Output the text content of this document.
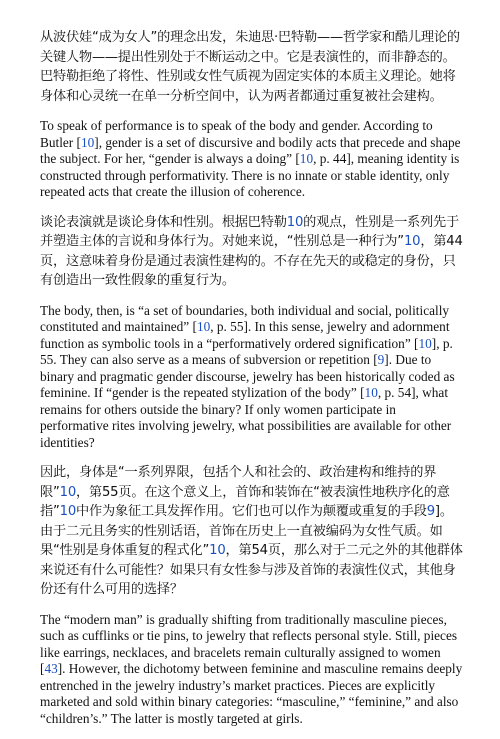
从波伏娃“成为女人”的理念出发，朱迪思·巴特勒——哲学家和酷儿理论的关键人物——提出性别处于不断运动之中。它是表演性的，而非静态的。巴特勒拒绝了将性、性别或女性气质视为固定实体的本质主义理论。她将身体和心灵统一在单一分析空间中，认为两者都通过重复被社会建构。

To speak of performance is to speak of the body and gender. According to Butler [10], gender is a set of discursive and bodily acts that precede and shape the subject. For her, “gender is always a doing” [10, p. 44], meaning identity is constructed through performativity. There is no innate or stable identity, only repeated acts that create the illusion of coherence.

谈论表演就是谈论身体和性别。根据巴特勒10的观点，性别是一系列先于并塑造主体的言说和身体行为。对她来说，“性别总是一种行为”10，第44页，这意味着身份是通过表演性建构的。不存在先天的或稳定的身份，只有创造出一致性假象的重复行为。

The body, then, is “a set of boundaries, both individual and social, politically constituted and maintained” [10, p. 55]. In this sense, jewelry and adornment function as symbolic tools in a “performatively ordered signification” [10], p. 55. They can also serve as a means of subversion or repetition [9]. Due to binary and pragmatic gender discourse, jewelry has been historically coded as feminine. If “gender is the repeated stylization of the body” [10, p. 54], what remains for others outside the binary? If only women participate in performative rites involving jewelry, what possibilities are available for other identities?

因此，身体是“一系列界限，包括个人和社会的、政治建构和维持的界限”10，第55页。在这个意义上，首饰和装饰在“被表演性地秩序化的意指”10中作为象征工具发挥作用。它们也可以作为颠覆或重复的手段9]。由于二元且务实的性别话语，首饰在历史上一直被编码为女性气质。如果“性别是身体重复的程式化”10，第54页，那么对于二元之外的其他群体来说还有什么可能性？如果只有女性参与涉及首饰的表演性仪式，其他身份还有什么可用的选择？

The “modern man” is gradually shifting from traditionally masculine pieces, such as cufflinks or tie pins, to jewelry that reflects personal style. Still, pieces like earrings, necklaces, and bracelets remain culturally assigned to women [43]. However, the dichotomy between feminine and masculine remains deeply entrenched in the jewelry industry’s market practices. Pieces are explicitly marketed and sold within binary categories: “masculine,” “feminine,” and also “children’s.” The latter is mostly targeted at girls.
